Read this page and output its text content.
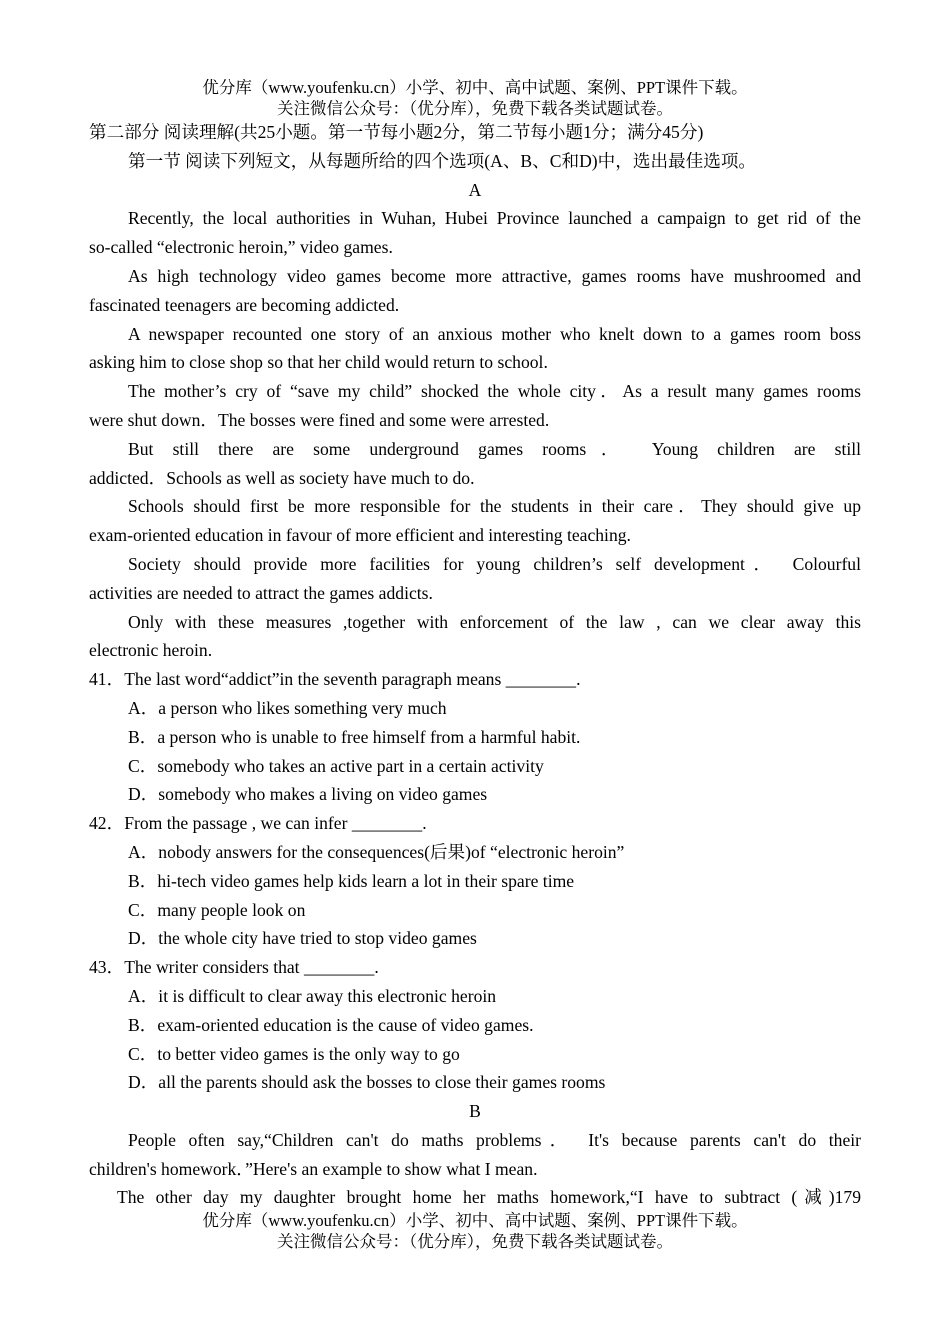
优分库（www.youfenku.cn）小学、初中、高中试题、案例、PPT课件下载。
关注微信公众号：（优分库），免费下载各类试题试卷。
第二部分 阅读理解(共25小题。第一节每小题2分，第二节每小题1分；满分45分)
第一节 阅读下列短文，从每题所给的四个选项(A、B、C和D)中，选出最佳选项。
A
Recently, the local authorities in Wuhan, Hubei Province launched a campaign to get rid of the
so-called “electronic heroin,” video games.
As high technology video games become more attractive, games rooms have mushroomed and
fascinated teenagers are becoming addicted.
A newspaper recounted one story of an anxious mother who knelt down to a games room boss
asking him to close shop so that her child would return to school.
The mother’s cry of “save my child” shocked the whole city．As a result many games rooms
were shut down．The bosses were fined and some were arrested.
But still there are some underground games rooms． Young children are still
addicted．Schools as well as society have much to do.
Schools should first be more responsible for the students in their care．They should give up
exam-oriented education in favour of more efficient and interesting teaching.
Society should provide more facilities for young children’s self development． Colourful
activities are needed to attract the games addicts.
Only with these measures ,together with enforcement of the law , can we clear away this
electronic heroin.
41．The last word“addict”in the seventh paragraph means ________.
A．a person who likes something very much
B．a person who is unable to free himself from a harmful habit.
C．somebody who takes an active part in a certain activity
D．somebody who makes a living on video games
42．From the passage , we can infer ________.
A．nobody answers for the consequences(后果)of “electronic heroin”
B．hi-tech video games help kids learn a lot in their spare time
C．many people look on
D．the whole city have tried to stop video games
43．The writer considers that ________.
A．it is difficult to clear away this electronic heroin
B．exam-oriented education is the cause of video games.
C．to better video games is the only way to go
D．all the parents should ask the bosses to close their games rooms
B
People often say,“Children can't do maths problems． It's because parents can't do their
children's homework．”Here's an example to show what I mean.
The other day my daughter brought home her maths homework,“I have to subtract (减)179
优分库（www.youfenku.cn）小学、初中、高中试题、案例、PPT课件下载。
关注微信公众号：（优分库），免费下载各类试题试卷。
